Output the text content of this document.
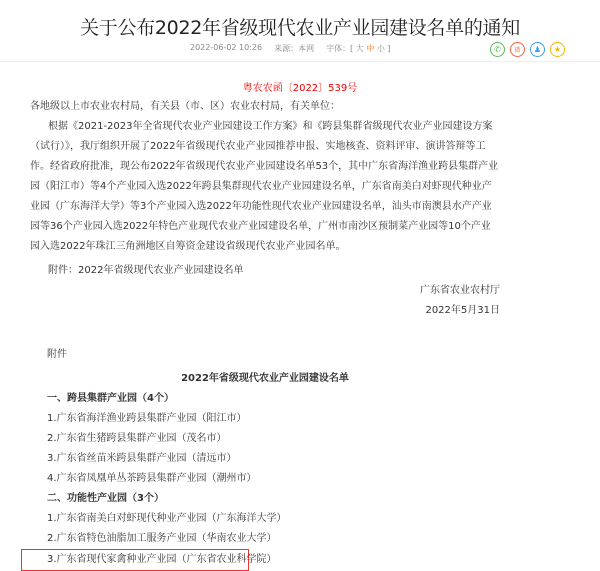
关于公布2022年省级现代农业产业园建设名单的通知
2022-06-02 10:26 来源：本网 字体：[ 大 中 小 ]	✆	微	♟	★
粤农农函〔2022〕539号
各地级以上市农业农村局，有关县（市、区）农业农村局，有关单位：
根据《2021-2023年全省现代农业产业园建设工作方案》和《跨县集群省级现代农业产业园建设方案（试行）》，我厅组织开展了2022年省级现代农业产业园推荐申报、实地核查、资料评审、演讲答辩等工作。经省政府批准，现公布2022年省级现代农业产业园建设名单53个，其中广东省海洋渔业跨县集群产业园（阳江市）等4个产业园入选2022年跨县集群现代农业产业园建设名单，广东省南美白对虾现代种业产业园（广东海洋大学）等3个产业园入选2022年功能性现代农业产业园建设名单，汕头市南澳县水产产业园等36个产业园入选2022年特色产业现代农业产业园建设名单，广州市南沙区预制菜产业园等10个产业园入选2022年珠江三角洲地区自筹资金建设省级现代农业产业园名单。
附件：2022年省级现代农业产业园建设名单
广东省农业农村厅
2022年5月31日
附件
2022年省级现代农业产业园建设名单
一、跨县集群产业园（4个）
1.广东省海洋渔业跨县集群产业园（阳江市）
2.广东省生猪跨县集群产业园（茂名市）
3.广东省丝苗米跨县集群产业园（清远市）
4.广东省凤凰单丛茶跨县集群产业园（潮州市）
二、功能性产业园（3个）
1.广东省南美白对虾现代种业产业园（广东海洋大学）
2.广东省特色油脂加工服务产业园（华南农业大学）
3.广东省现代家禽种业产业园（广东省农业科学院）
